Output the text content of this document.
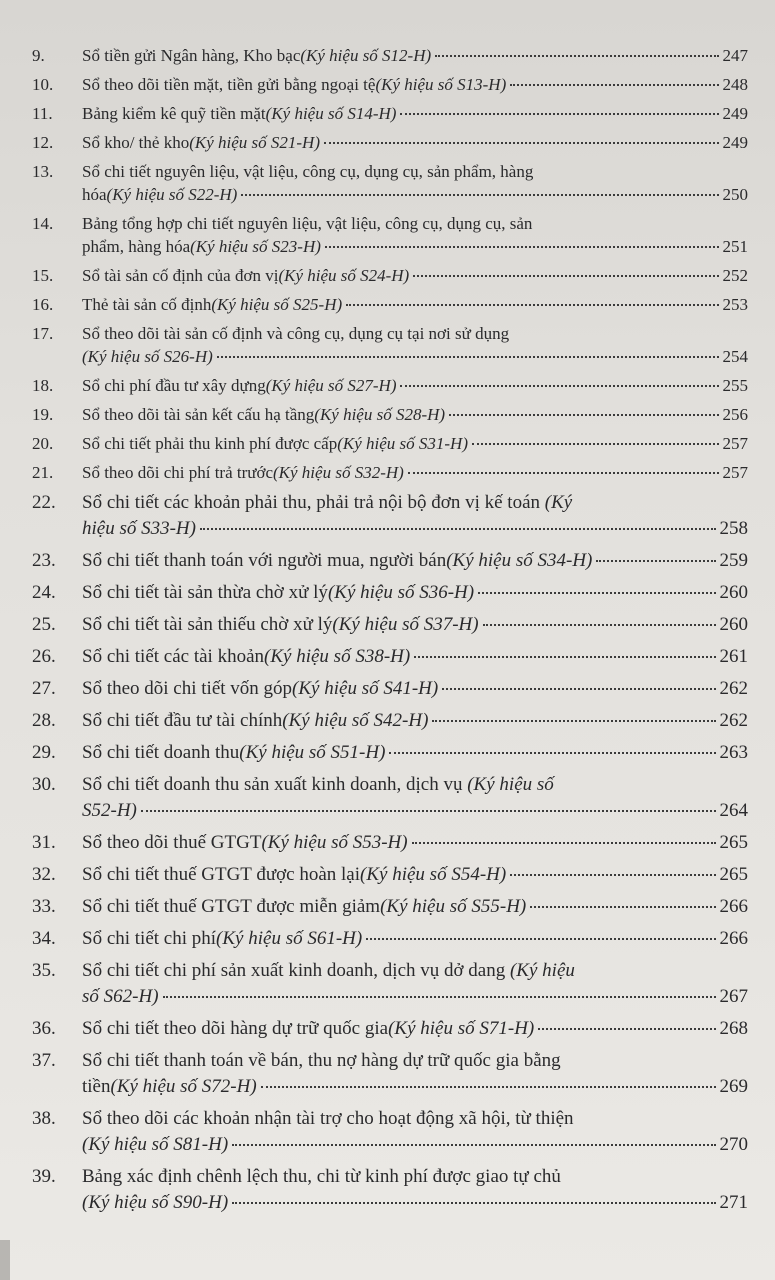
9.	Sổ tiền gửi Ngân hàng, Kho bạc (Ký hiệu số S12-H)	247
10.	Sổ theo dõi tiền mặt, tiền gửi bằng ngoại tệ (Ký hiệu số S13-H)	248
11.	Bảng kiểm kê quỹ tiền mặt (Ký hiệu số S14-H)	249
12.	Sổ kho/ thẻ kho (Ký hiệu số S21-H)	249
13.	Sổ chi tiết nguyên liệu, vật liệu, công cụ, dụng cụ, sản phẩm, hàng
hóa (Ký hiệu số S22-H)	250
14.	Bảng tổng hợp chi tiết nguyên liệu, vật liệu, công cụ, dụng cụ, sản
phẩm, hàng hóa (Ký hiệu số S23-H)	251
15.	Sổ tài sản cố định của đơn vị (Ký hiệu số S24-H)	252
16.	Thẻ tài sản cố định (Ký hiệu số S25-H)	253
17.	Sổ theo dõi tài sản cố định và công cụ, dụng cụ tại nơi sử dụng
(Ký hiệu số S26-H)	254
18.	Sổ chi phí đầu tư xây dựng (Ký hiệu số S27-H)	255
19.	Sổ theo dõi tài sản kết cấu hạ tầng (Ký hiệu số S28-H)	256
20.	Sổ chi tiết phải thu kinh phí được cấp (Ký hiệu số S31-H)	257
21.	Sổ theo dõi chi phí trả trước (Ký hiệu số S32-H)	257
22.	Sổ chi tiết các khoản phải thu, phải trả nội bộ đơn vị kế toán (Ký
hiệu số S33-H)	258
23.	Sổ chi tiết thanh toán với người mua, người bán (Ký hiệu số S34-H)	259
24.	Sổ chi tiết tài sản thừa chờ xử lý (Ký hiệu số S36-H)	260
25.	Sổ chi tiết tài sản thiếu chờ xử lý (Ký hiệu số S37-H)	260
26.	Sổ chi tiết các tài khoản (Ký hiệu số S38-H)	261
27.	Sổ theo dõi chi tiết vốn góp (Ký hiệu số S41-H)	262
28.	Sổ chi tiết đầu tư tài chính (Ký hiệu số S42-H)	262
29.	Sổ chi tiết doanh thu (Ký hiệu số S51-H)	263
30.	Sổ chi tiết doanh thu sản xuất kinh doanh, dịch vụ (Ký hiệu số
S52-H)	264
31.	Sổ theo dõi thuế GTGT (Ký hiệu số S53-H)	265
32.	Sổ chi tiết thuế GTGT được hoàn lại (Ký hiệu số S54-H)	265
33.	Sổ chi tiết thuế GTGT được miễn giảm (Ký hiệu số S55-H)	266
34.	Sổ chi tiết chi phí (Ký hiệu số S61-H)	266
35.	Sổ chi tiết chi phí sản xuất kinh doanh, dịch vụ dở dang (Ký hiệu
số S62-H)	267
36.	Sổ chi tiết theo dõi hàng dự trữ quốc gia (Ký hiệu số S71-H)	268
37.	Sổ chi tiết thanh toán về bán, thu nợ hàng dự trữ quốc gia bằng
tiền (Ký hiệu số S72-H)	269
38.	Sổ theo dõi các khoản nhận tài trợ cho hoạt động xã hội, từ thiện
(Ký hiệu số S81-H)	270
39.	Bảng xác định chênh lệch thu, chi từ kinh phí được giao tự chủ
(Ký hiệu số S90-H)	271
